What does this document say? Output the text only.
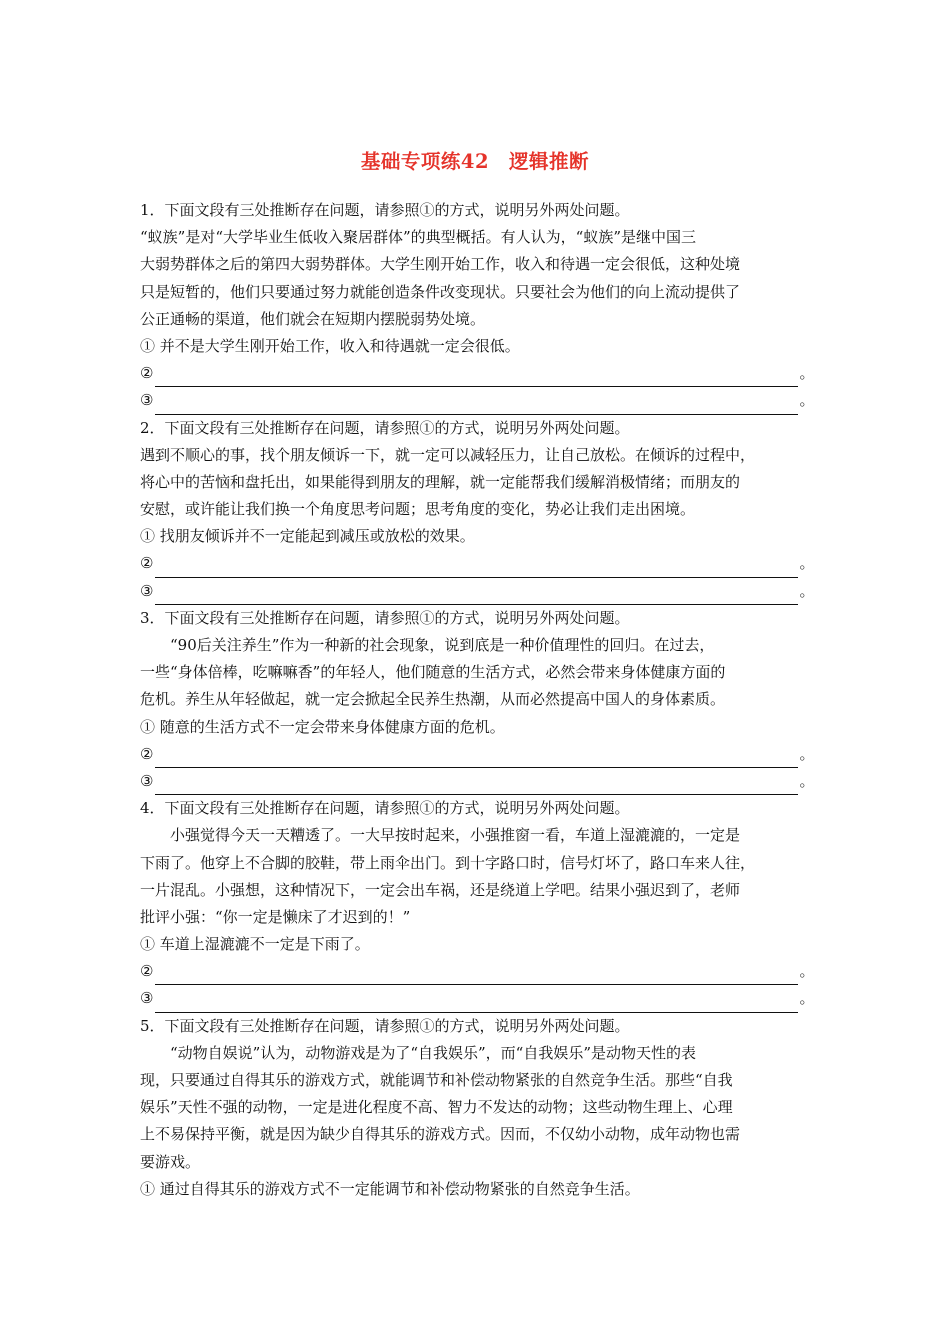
基础专项练42　逻辑推断
1．下面文段有三处推断存在问题，请参照①的方式，说明另外两处问题。
“蚁族”是对“大学毕业生低收入聚居群体”的典型概括。有人认为，“蚁族”是继中国三
大弱势群体之后的第四大弱势群体。大学生刚开始工作，收入和待遇一定会很低，这种处境
只是短暂的，他们只要通过努力就能创造条件改变现状。只要社会为他们的向上流动提供了
公正通畅的渠道，他们就会在短期内摆脱弱势处境。
① 并不是大学生刚开始工作，收入和待遇就一定会很低。
②	。
③	。
2．下面文段有三处推断存在问题，请参照①的方式，说明另外两处问题。
遇到不顺心的事，找个朋友倾诉一下，就一定可以减轻压力，让自己放松。在倾诉的过程中，
将心中的苦恼和盘托出，如果能得到朋友的理解，就一定能帮我们缓解消极情绪；而朋友的
安慰，或许能让我们换一个角度思考问题；思考角度的变化，势必让我们走出困境。
① 找朋友倾诉并不一定能起到减压或放松的效果。
②	。
③	。
3．下面文段有三处推断存在问题，请参照①的方式，说明另外两处问题。
“90后关注养生”作为一种新的社会现象，说到底是一种价值理性的回归。在过去，
一些“身体倍棒，吃嘛嘛香”的年轻人，他们随意的生活方式，必然会带来身体健康方面的
危机。养生从年轻做起，就一定会掀起全民养生热潮，从而必然提高中国人的身体素质。
① 随意的生活方式不一定会带来身体健康方面的危机。
②	。
③	。
4．下面文段有三处推断存在问题，请参照①的方式，说明另外两处问题。
小强觉得今天一天糟透了。一大早按时起来，小强推窗一看，车道上湿漉漉的，一定是
下雨了。他穿上不合脚的胶鞋，带上雨伞出门。到十字路口时，信号灯坏了，路口车来人往，
一片混乱。小强想，这种情况下，一定会出车祸，还是绕道上学吧。结果小强迟到了，老师
批评小强：“你一定是懒床了才迟到的！”
① 车道上湿漉漉不一定是下雨了。
②	。
③	。
5．下面文段有三处推断存在问题，请参照①的方式，说明另外两处问题。
“动物自娱说”认为，动物游戏是为了“自我娱乐”，而“自我娱乐”是动物天性的表
现，只要通过自得其乐的游戏方式，就能调节和补偿动物紧张的自然竞争生活。那些“自我
娱乐”天性不强的动物，一定是进化程度不高、智力不发达的动物；这些动物生理上、心理
上不易保持平衡，就是因为缺少自得其乐的游戏方式。因而，不仅幼小动物，成年动物也需
要游戏。
① 通过自得其乐的游戏方式不一定能调节和补偿动物紧张的自然竞争生活。
